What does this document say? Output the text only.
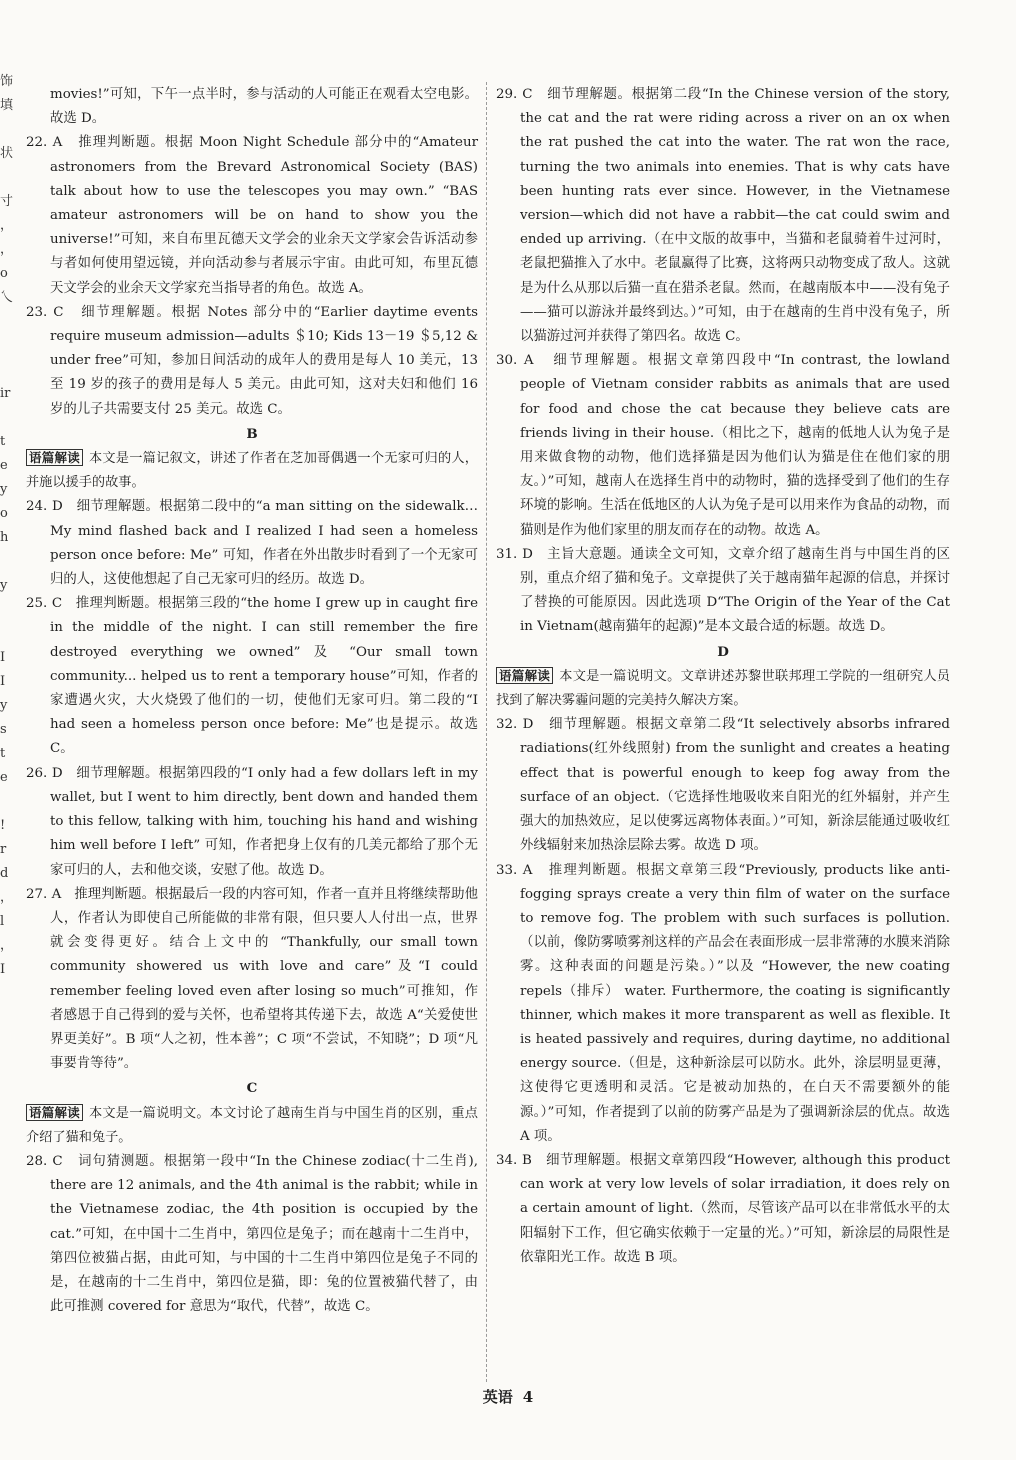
饰
填

状

寸
，
，
o
乀

ir

t
e
y
o
h

y

I
I
y
s
t
e

!
r
d
，
l
，
I

movies!”可知，下午一点半时，参与活动的人可能正在观看太空电影。故选 D。

22. A   推理判断题。根据 Moon Night Schedule 部分中的“Amateur astronomers from the Brevard Astronomical Society (BAS) talk about how to use the telescopes you may own.” “BAS amateur astronomers will be on hand to show you the universe!”可知，来自布里瓦德天文学会的业余天文学家会告诉活动参与者如何使用望远镜，并向活动参与者展示宇宙。由此可知，布里瓦德天文学会的业余天文学家充当指导者的角色。故选 A。

23. C   细节理解题。根据 Notes 部分中的“Earlier daytime events require museum admission—adults ＄10; Kids 13－19 ＄5,12 & under free”可知，参加日间活动的成年人的费用是每人 10 美元，13 至 19 岁的孩子的费用是每人 5 美元。由此可知，这对夫妇和他们 16 岁的儿子共需要支付 25 美元。故选 C。

B

语篇解读 本文是一篇记叙文，讲述了作者在芝加哥偶遇一个无家可归的人，并施以援手的故事。

24. D   细节理解题。根据第二段中的“a man sitting on the sidewalk… My mind flashed back and I realized I had seen a homeless person once before: Me” 可知，作者在外出散步时看到了一个无家可归的人，这使他想起了自己无家可归的经历。故选 D。

25. C   推理判断题。根据第三段的“the home I grew up in caught fire in the middle of the night. I can still remember the fire destroyed everything we owned” 及 “Our small town community... helped us to rent a temporary house”可知，作者的家遭遇火灾，大火烧毁了他们的一切，使他们无家可归。第二段的“I had seen a homeless person once before: Me”也是提示。故选 C。

26. D   细节理解题。根据第四段的“I only had a few dollars left in my wallet, but I went to him directly, bent down and handed them to this fellow, talking with him, touching his hand and wishing him well before I left” 可知，作者把身上仅有的几美元都给了那个无家可归的人，去和他交谈，安慰了他。故选 D。

27. A   推理判断题。根据最后一段的内容可知，作者一直并且将继续帮助他人，作者认为即使自己所能做的非常有限，但只要人人付出一点，世界就会变得更好。结合上文中的 “Thankfully, our small town community showered us with love and care”及“I could remember feeling loved even after losing so much”可推知，作者感恩于自己得到的爱与关怀，也希望将其传递下去，故选 A“关爱使世界更美好”。B 项“人之初，性本善”；C 项“不尝试，不知晓”；D 项“凡事要肯等待”。

C

语篇解读 本文是一篇说明文。本文讨论了越南生肖与中国生肖的区别，重点介绍了猫和兔子。

28. C   词句猜测题。根据第一段中“In the Chinese zodiac(十二生肖), there are 12 animals, and the 4th animal is the rabbit; while in the Vietnamese zodiac, the 4th position is occupied by the cat.”可知，在中国十二生肖中，第四位是兔子；而在越南十二生肖中，第四位被猫占据，由此可知，与中国的十二生肖中第四位是兔子不同的是，在越南的十二生肖中，第四位是猫，即：兔的位置被猫代替了，由此可推测 covered for 意思为“取代，代替”，故选 C。

29. C   细节理解题。根据第二段“In the Chinese version of the story, the cat and the rat were riding across a river on an ox when the rat pushed the cat into the water. The rat won the race, turning the two animals into enemies. That is why cats have been hunting rats ever since. However, in the Vietnamese version—which did not have a rabbit—the cat could swim and ended up arriving.（在中文版的故事中，当猫和老鼠骑着牛过河时，老鼠把猫推入了水中。老鼠赢得了比赛，这将两只动物变成了敌人。这就是为什么从那以后猫一直在猎杀老鼠。然而，在越南版本中——没有兔子——猫可以游泳并最终到达。）”可知，由于在越南的生肖中没有兔子，所以猫游过河并获得了第四名。故选 C。

30. A   细节理解题。根据文章第四段中“In contrast, the lowland people of Vietnam consider rabbits as animals that are used for food and chose the cat because they believe cats are friends living in their house.（相比之下，越南的低地人认为兔子是用来做食物的动物，他们选择猫是因为他们认为猫是住在他们家的朋友。）”可知，越南人在选择生肖中的动物时，猫的选择受到了他们的生存环境的影响。生活在低地区的人认为兔子是可以用来作为食品的动物，而猫则是作为他们家里的朋友而存在的动物。故选 A。

31. D   主旨大意题。通读全文可知，文章介绍了越南生肖与中国生肖的区别，重点介绍了猫和兔子。文章提供了关于越南猫年起源的信息，并探讨了替换的可能原因。因此选项 D“The Origin of the Year of the Cat in Vietnam(越南猫年的起源)”是本文最合适的标题。故选 D。

D

语篇解读 本文是一篇说明文。文章讲述苏黎世联邦理工学院的一组研究人员找到了解决雾霾问题的完美持久解决方案。

32. D   细节理解题。根据文章第二段“It selectively absorbs infrared radiations(红外线照射) from the sunlight and creates a heating effect that is powerful enough to keep fog away from the surface of an object.（它选择性地吸收来自阳光的红外辐射，并产生强大的加热效应，足以使雾远离物体表面。）”可知，新涂层能通过吸收红外线辐射来加热涂层除去雾。故选 D 项。

33. A   推理判断题。根据文章第三段“Previously, products like anti-fogging sprays create a very thin film of water on the surface to remove fog. The problem with such surfaces is pollution.（以前，像防雾喷雾剂这样的产品会在表面形成一层非常薄的水膜来消除雾。这种表面的问题是污染。）”以及 “However, the new coating repels（排斥） water. Furthermore, the coating is significantly thinner, which makes it more transparent as well as flexible. It is heated passively and requires, during daytime, no additional energy source.（但是，这种新涂层可以防水。此外，涂层明显更薄，这使得它更透明和灵活。它是被动加热的，在白天不需要额外的能源。）”可知，作者提到了以前的防雾产品是为了强调新涂层的优点。故选 A 项。

34. B   细节理解题。根据文章第四段“However, although this product can work at very low levels of solar irradiation, it does rely on a certain amount of light.（然而，尽管该产品可以在非常低水平的太阳辐射下工作，但它确实依赖于一定量的光。）”可知，新涂层的局限性是依靠阳光工作。故选 B 项。

英语 4
